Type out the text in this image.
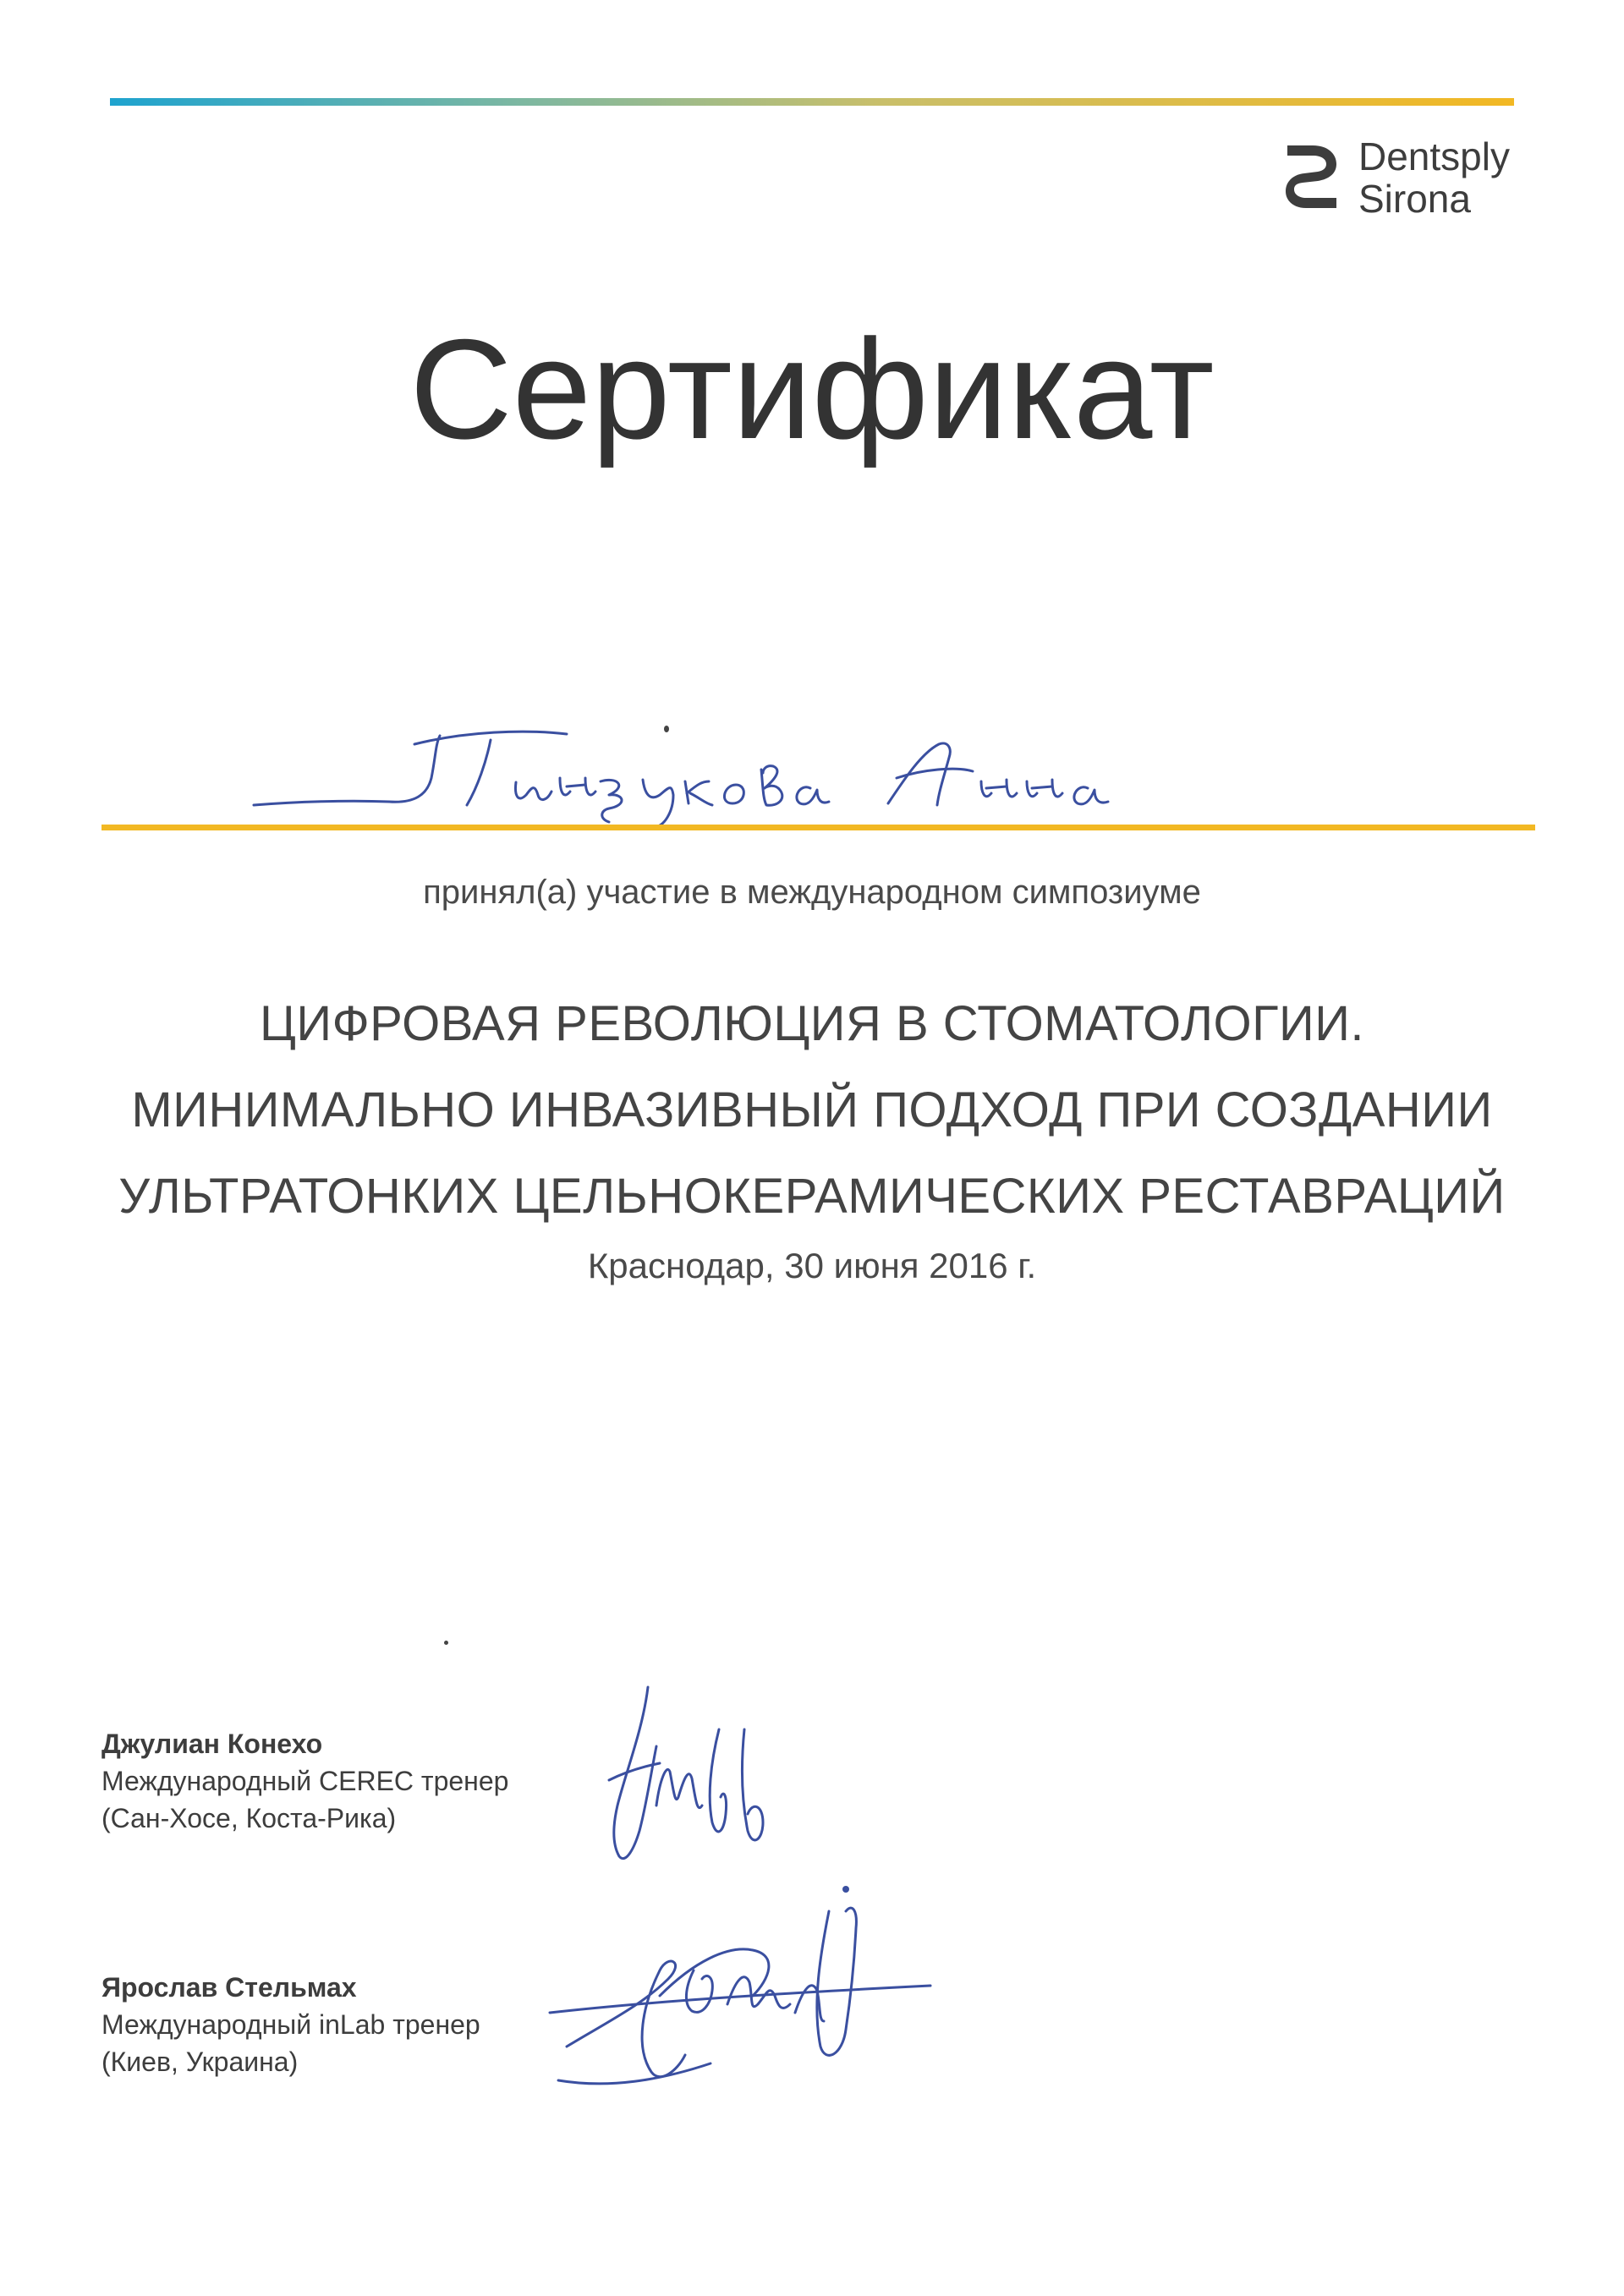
Dentsply
Sirona
Сертификат
принял(а) участие в международном симпозиуме
ЦИФРОВАЯ РЕВОЛЮЦИЯ В СТОМАТОЛОГИИ.
МИНИМАЛЬНО ИНВАЗИВНЫЙ ПОДХОД ПРИ СОЗДАНИИ
УЛЬТРАТОНКИХ ЦЕЛЬНОКЕРАМИЧЕСКИХ РЕСТАВРАЦИЙ
Краснодар, 30 июня 2016 г.
Джулиан Конехо
Международный CEREC тренер
(Сан-Хосе, Коста-Рика)
Ярослав Стельмах
Международный inLab тренер
(Киев, Украина)
